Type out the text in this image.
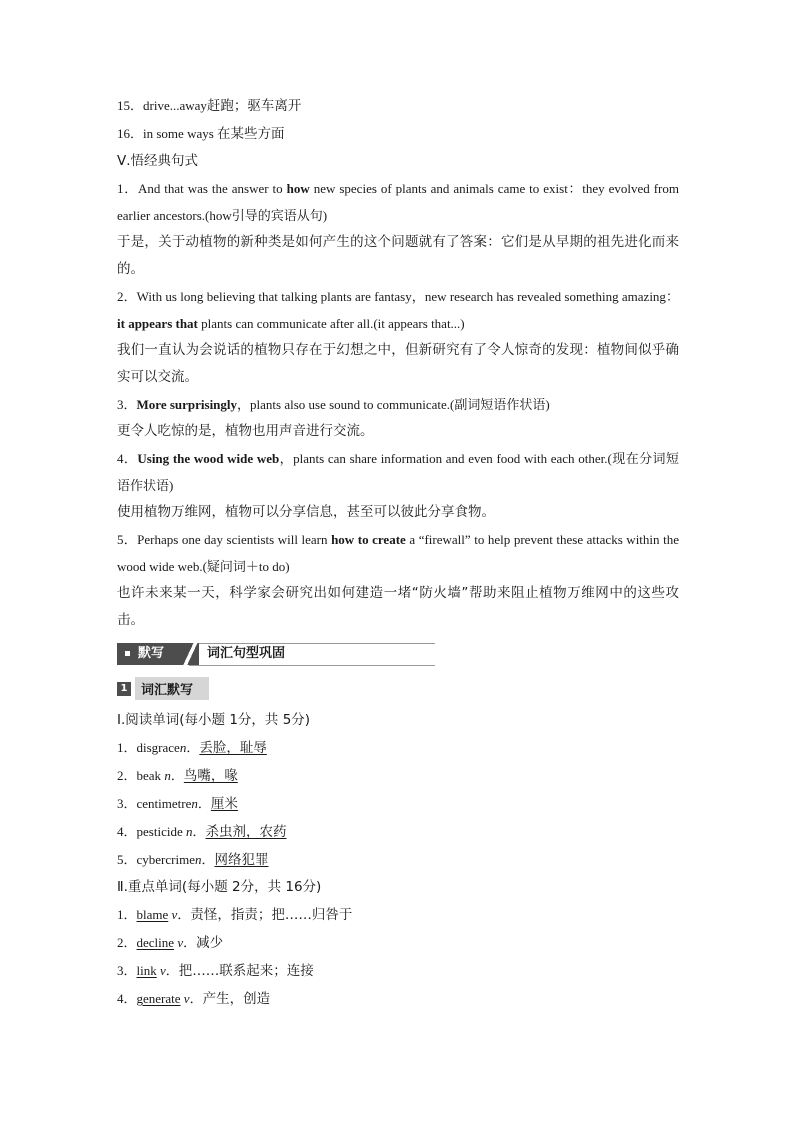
15．drive...away赶跑；驱车离开
16．in some ways 在某些方面
Ⅴ.悟经典句式
1．And that was the answer to how new species of plants and animals came to exist：they evolved from earlier ancestors.(how引导的宾语从句)
于是，关于动植物的新种类是如何产生的这个问题就有了答案：它们是从早期的祖先进化而来的。
2．With us long believing that talking plants are fantasy，new research has revealed something amazing：it appears that plants can communicate after all.(it appears that...)
我们一直认为会说话的植物只存在于幻想之中，但新研究有了令人惊奇的发现：植物间似乎确实可以交流。
3．More surprisingly，plants also use sound to communicate.(副词短语作状语)
更令人吃惊的是，植物也用声音进行交流。
4．Using the wood wide web，plants can share information and even food with each other.(现在分词短语作状语)
使用植物万维网，植物可以分享信息，甚至可以彼此分享食物。
5．Perhaps one day scientists will learn how to create a “firewall” to help prevent these attacks within the wood wide web.(疑问词＋to do)
也许未来某一天，科学家会研究出如何建造一堵“防火墙”帮助来阻止植物万维网中的这些攻击。
默写	词汇句型巩固
1 词汇默写
Ⅰ.阅读单词(每小题 1分，共 5分)
1．disgracen．丢脸，耻辱
2．beak n．鸟嘴，喙
3．centimetren．厘米
4．pesticide n．杀虫剂，农药
5．cybercrimen．网络犯罪
Ⅱ.重点单词(每小题 2分，共 16分)
1．blame v．责怪，指责；把……归咎于
2．decline v．减少
3．link v．把……联系起来；连接
4．generate v．产生，创造
